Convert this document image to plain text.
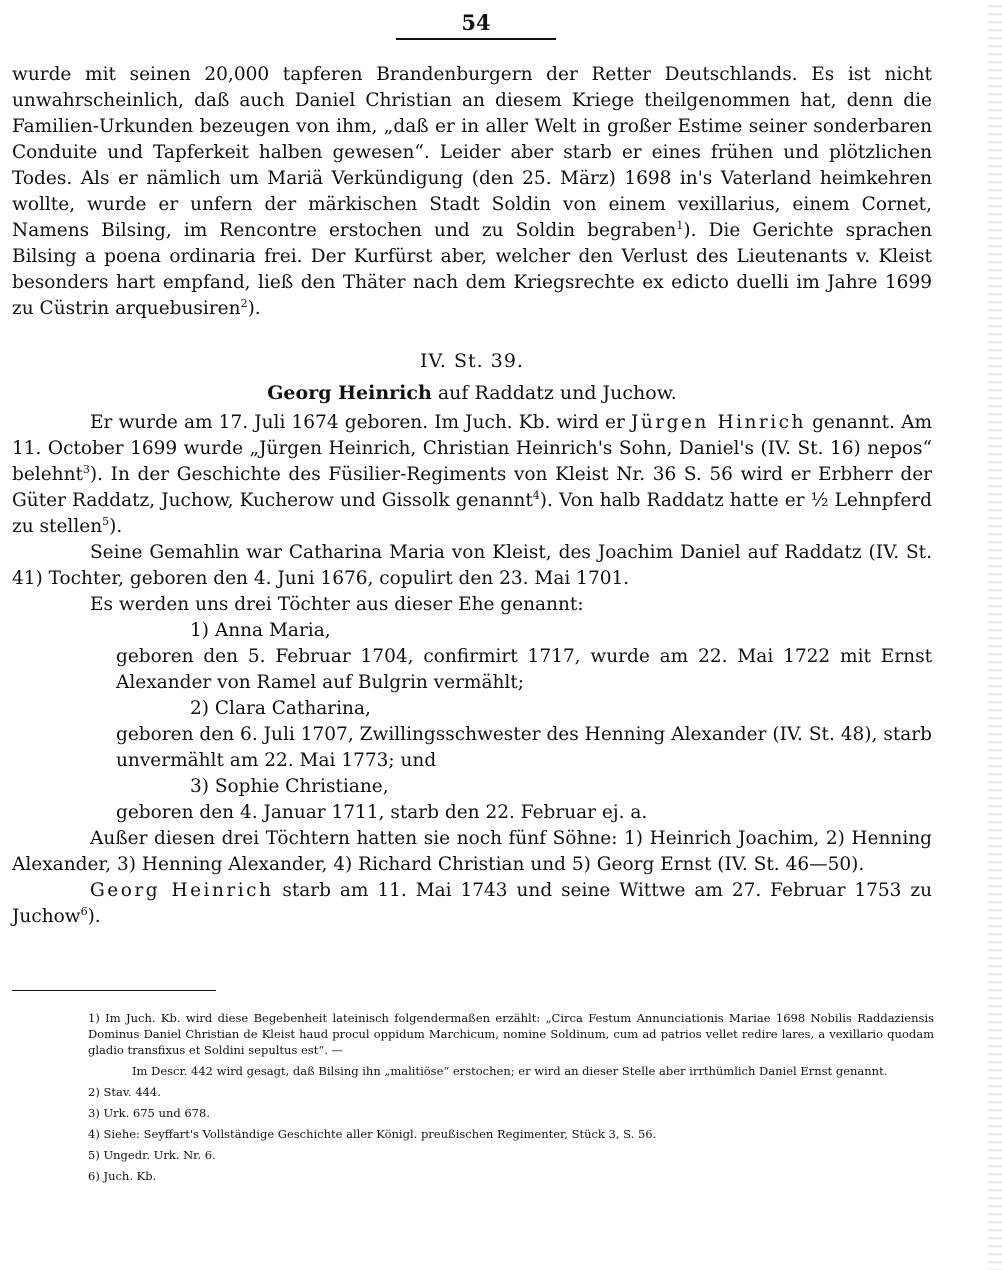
54

wurde mit seinen 20,000 tapferen Brandenburgern der Retter Deutschlands. Es ist nicht unwahrscheinlich, daß auch Daniel Christian an diesem Kriege theilgenommen hat, denn die Familien-Urkunden bezeugen von ihm, „daß er in aller Welt in großer Estime seiner sonderbaren Conduite und Tapferkeit halben gewesen“. Leider aber starb er eines frühen und plötzlichen Todes. Als er nämlich um Mariä Verkündigung (den 25. März) 1698 in's Vaterland heimkehren wollte, wurde er unfern der märkischen Stadt Soldin von einem vexillarius, einem Cornet, Namens Bilsing, im Rencontre erstochen und zu Soldin begraben$^1$). Die Gerichte sprachen Bilsing a poena ordinaria frei. Der Kurfürst aber, welcher den Verlust des Lieutenants v. Kleist besonders hart empfand, ließ den Thäter nach dem Kriegsrechte ex edicto duelli im Jahre 1699 zu Cüstrin arquebusiren$^2$).

IV. St. 39.
Georg Heinrich auf Raddatz und Juchow.

Er wurde am 17. Juli 1674 geboren. Im Juch. Kb. wird er Jürgen Hinrich genannt. Am 11. October 1699 wurde „Jürgen Heinrich, Christian Heinrich's Sohn, Daniel's (IV. St. 16) nepos“ belehnt$^3$). In der Geschichte des Füsilier-Regiments von Kleist Nr. 36 S. 56 wird er Erbherr der Güter Raddatz, Juchow, Kucherow und Gissolk genannt$^4$). Von halb Raddatz hatte er ½ Lehnpferd zu stellen$^5$).

Seine Gemahlin war Catharina Maria von Kleist, des Joachim Daniel auf Raddatz (IV. St. 41) Tochter, geboren den 4. Juni 1676, copulirt den 23. Mai 1701.

Es werden uns drei Töchter aus dieser Ehe genannt:

1) Anna Maria,

geboren den 5. Februar 1704, confirmirt 1717, wurde am 22. Mai 1722 mit Ernst Alexander von Ramel auf Bulgrin vermählt;

2) Clara Catharina,

geboren den 6. Juli 1707, Zwillingsschwester des Henning Alexander (IV. St. 48), starb unvermählt am 22. Mai 1773; und

3) Sophie Christiane,

geboren den 4. Januar 1711, starb den 22. Februar ej. a.

Außer diesen drei Töchtern hatten sie noch fünf Söhne: 1) Heinrich Joachim, 2) Henning Alexander, 3) Henning Alexander, 4) Richard Christian und 5) Georg Ernst (IV. St. 46—50).

Georg Heinrich starb am 11. Mai 1743 und seine Wittwe am 27. Februar 1753 zu Juchow$^6$).

1) Im Juch. Kb. wird diese Begebenheit lateinisch folgendermaßen erzählt: „Circa Festum Annunciationis Mariae 1698 Nobilis Raddaziensis Dominus Daniel Christian de Kleist haud procul oppidum Marchicum, nomine Soldinum, cum ad patrios vellet redire lares, a vexillario quodam gladio transfixus et Soldini sepultus est“. —

Im Descr. 442 wird gesagt, daß Bilsing ihn „malitiöse“ erstochen; er wird an dieser Stelle aber irrthümlich Daniel Ernst genannt.

2) Stav. 444.

3) Urk. 675 und 678.

4) Siehe: Seyffart's Vollständige Geschichte aller Königl. preußischen Regimenter, Stück 3, S. 56.

5) Ungedr. Urk. Nr. 6.

6) Juch. Kb.
